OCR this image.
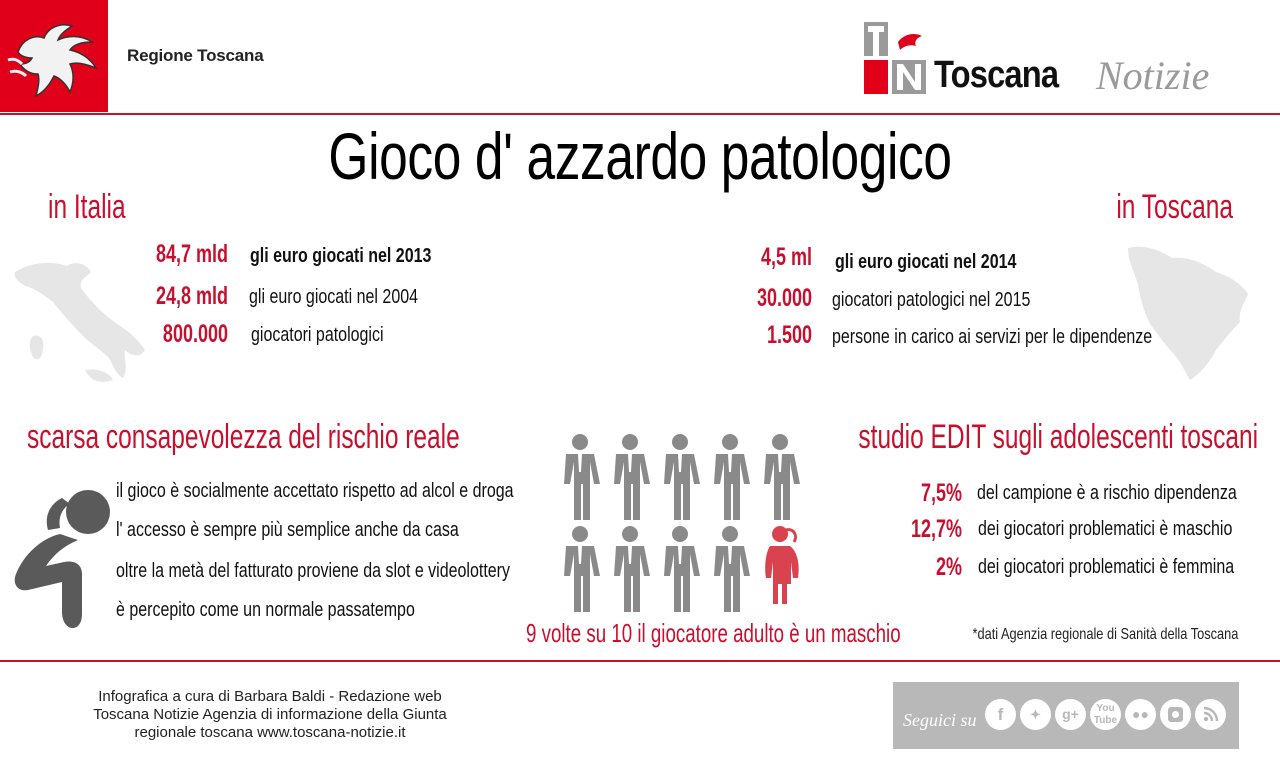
Regione Toscana	Toscana Notizie
Gioco d' azzardo patologico
in Italia
84,7 mld gli euro giocati nel 2013
24,8 mld gli euro giocati nel 2004
800.000 giocatori patologici
in Toscana
4,5 ml gli euro giocati nel 2014
30.000 giocatori patologici nel 2015
1.500 persone in carico ai servizi per le dipendenze
scarsa consapevolezza del rischio reale
il gioco è socialmente accettato rispetto ad alcol e droga
l' accesso è sempre più semplice anche da casa
oltre la metà del fatturato proviene da slot e videolottery
è percepito come un normale passatempo
9 volte su 10 il giocatore adulto è un maschio
studio EDIT sugli adolescenti toscani
7,5% del campione è a rischio dipendenza
12,7% dei giocatori problematici è maschio
2% dei giocatori problematici è femmina
*dati Agenzia regionale di Sanità della Toscana
Infografica a cura di Barbara Baldi - Redazione web
Toscana Notizie Agenzia di informazione della Giunta
regionale toscana www.toscana-notizie.it
Seguici su	f	✦	g+	You
Tube	●●
